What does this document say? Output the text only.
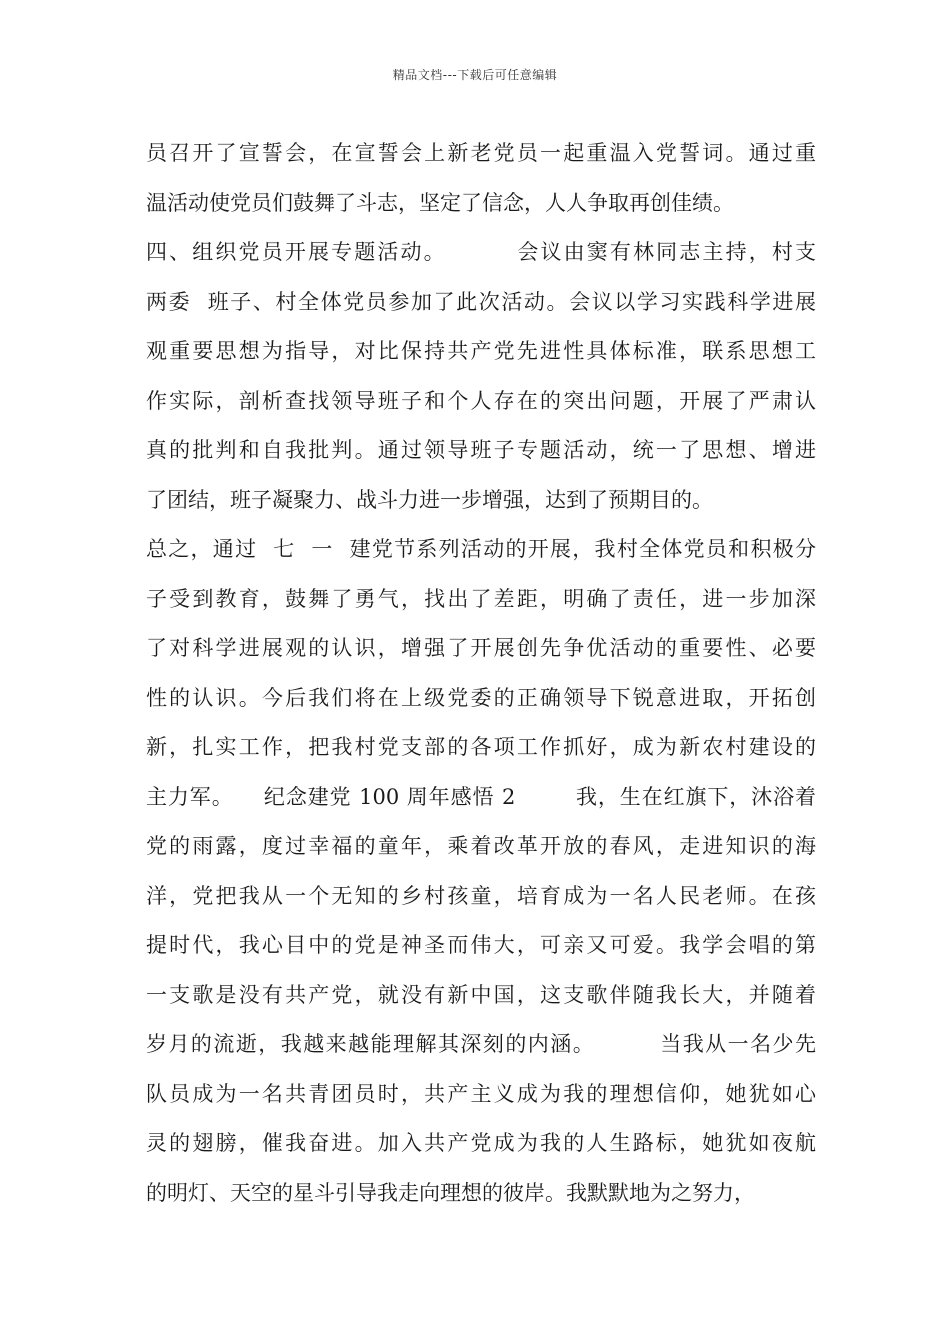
精品文档---下载后可任意编辑
员召开了宣誓会，在宣誓会上新老党员一起重温入党誓词。通过重
温活动使党员们鼓舞了斗志，坚定了信念，人人争取再创佳绩。
四、组织党员开展专题活动。        会议由窦有林同志主持，村支
两委  班子、村全体党员参加了此次活动。会议以学习实践科学进展
观重要思想为指导，对比保持共产党先进性具体标准，联系思想工
作实际，剖析查找领导班子和个人存在的突出问题，开展了严肃认
真的批判和自我批判。通过领导班子专题活动，统一了思想、增进
了团结，班子凝聚力、战斗力进一步增强，达到了预期目的。
总之，通过  七  一  建党节系列活动的开展，我村全体党员和积极分
子受到教育，鼓舞了勇气，找出了差距，明确了责任，进一步加深
了对科学进展观的认识，增强了开展创先争优活动的重要性、必要
性的认识。今后我们将在上级党委的正确领导下锐意进取，开拓创
新，扎实工作，把我村党支部的各项工作抓好，成为新农村建设的
主力军。    纪念建党 100 周年感悟 2        我，生在红旗下，沐浴着
党的雨露，度过幸福的童年，乘着改革开放的春风，走进知识的海
洋，党把我从一个无知的乡村孩童，培育成为一名人民老师。在孩
提时代，我心目中的党是神圣而伟大，可亲又可爱。我学会唱的第
一支歌是没有共产党，就没有新中国，这支歌伴随我长大，并随着
岁月的流逝，我越来越能理解其深刻的内涵。        当我从一名少先
队员成为一名共青团员时，共产主义成为我的理想信仰，她犹如心
灵的翅膀，催我奋进。加入共产党成为我的人生路标，她犹如夜航
的明灯、天空的星斗引导我走向理想的彼岸。我默默地为之努力，
